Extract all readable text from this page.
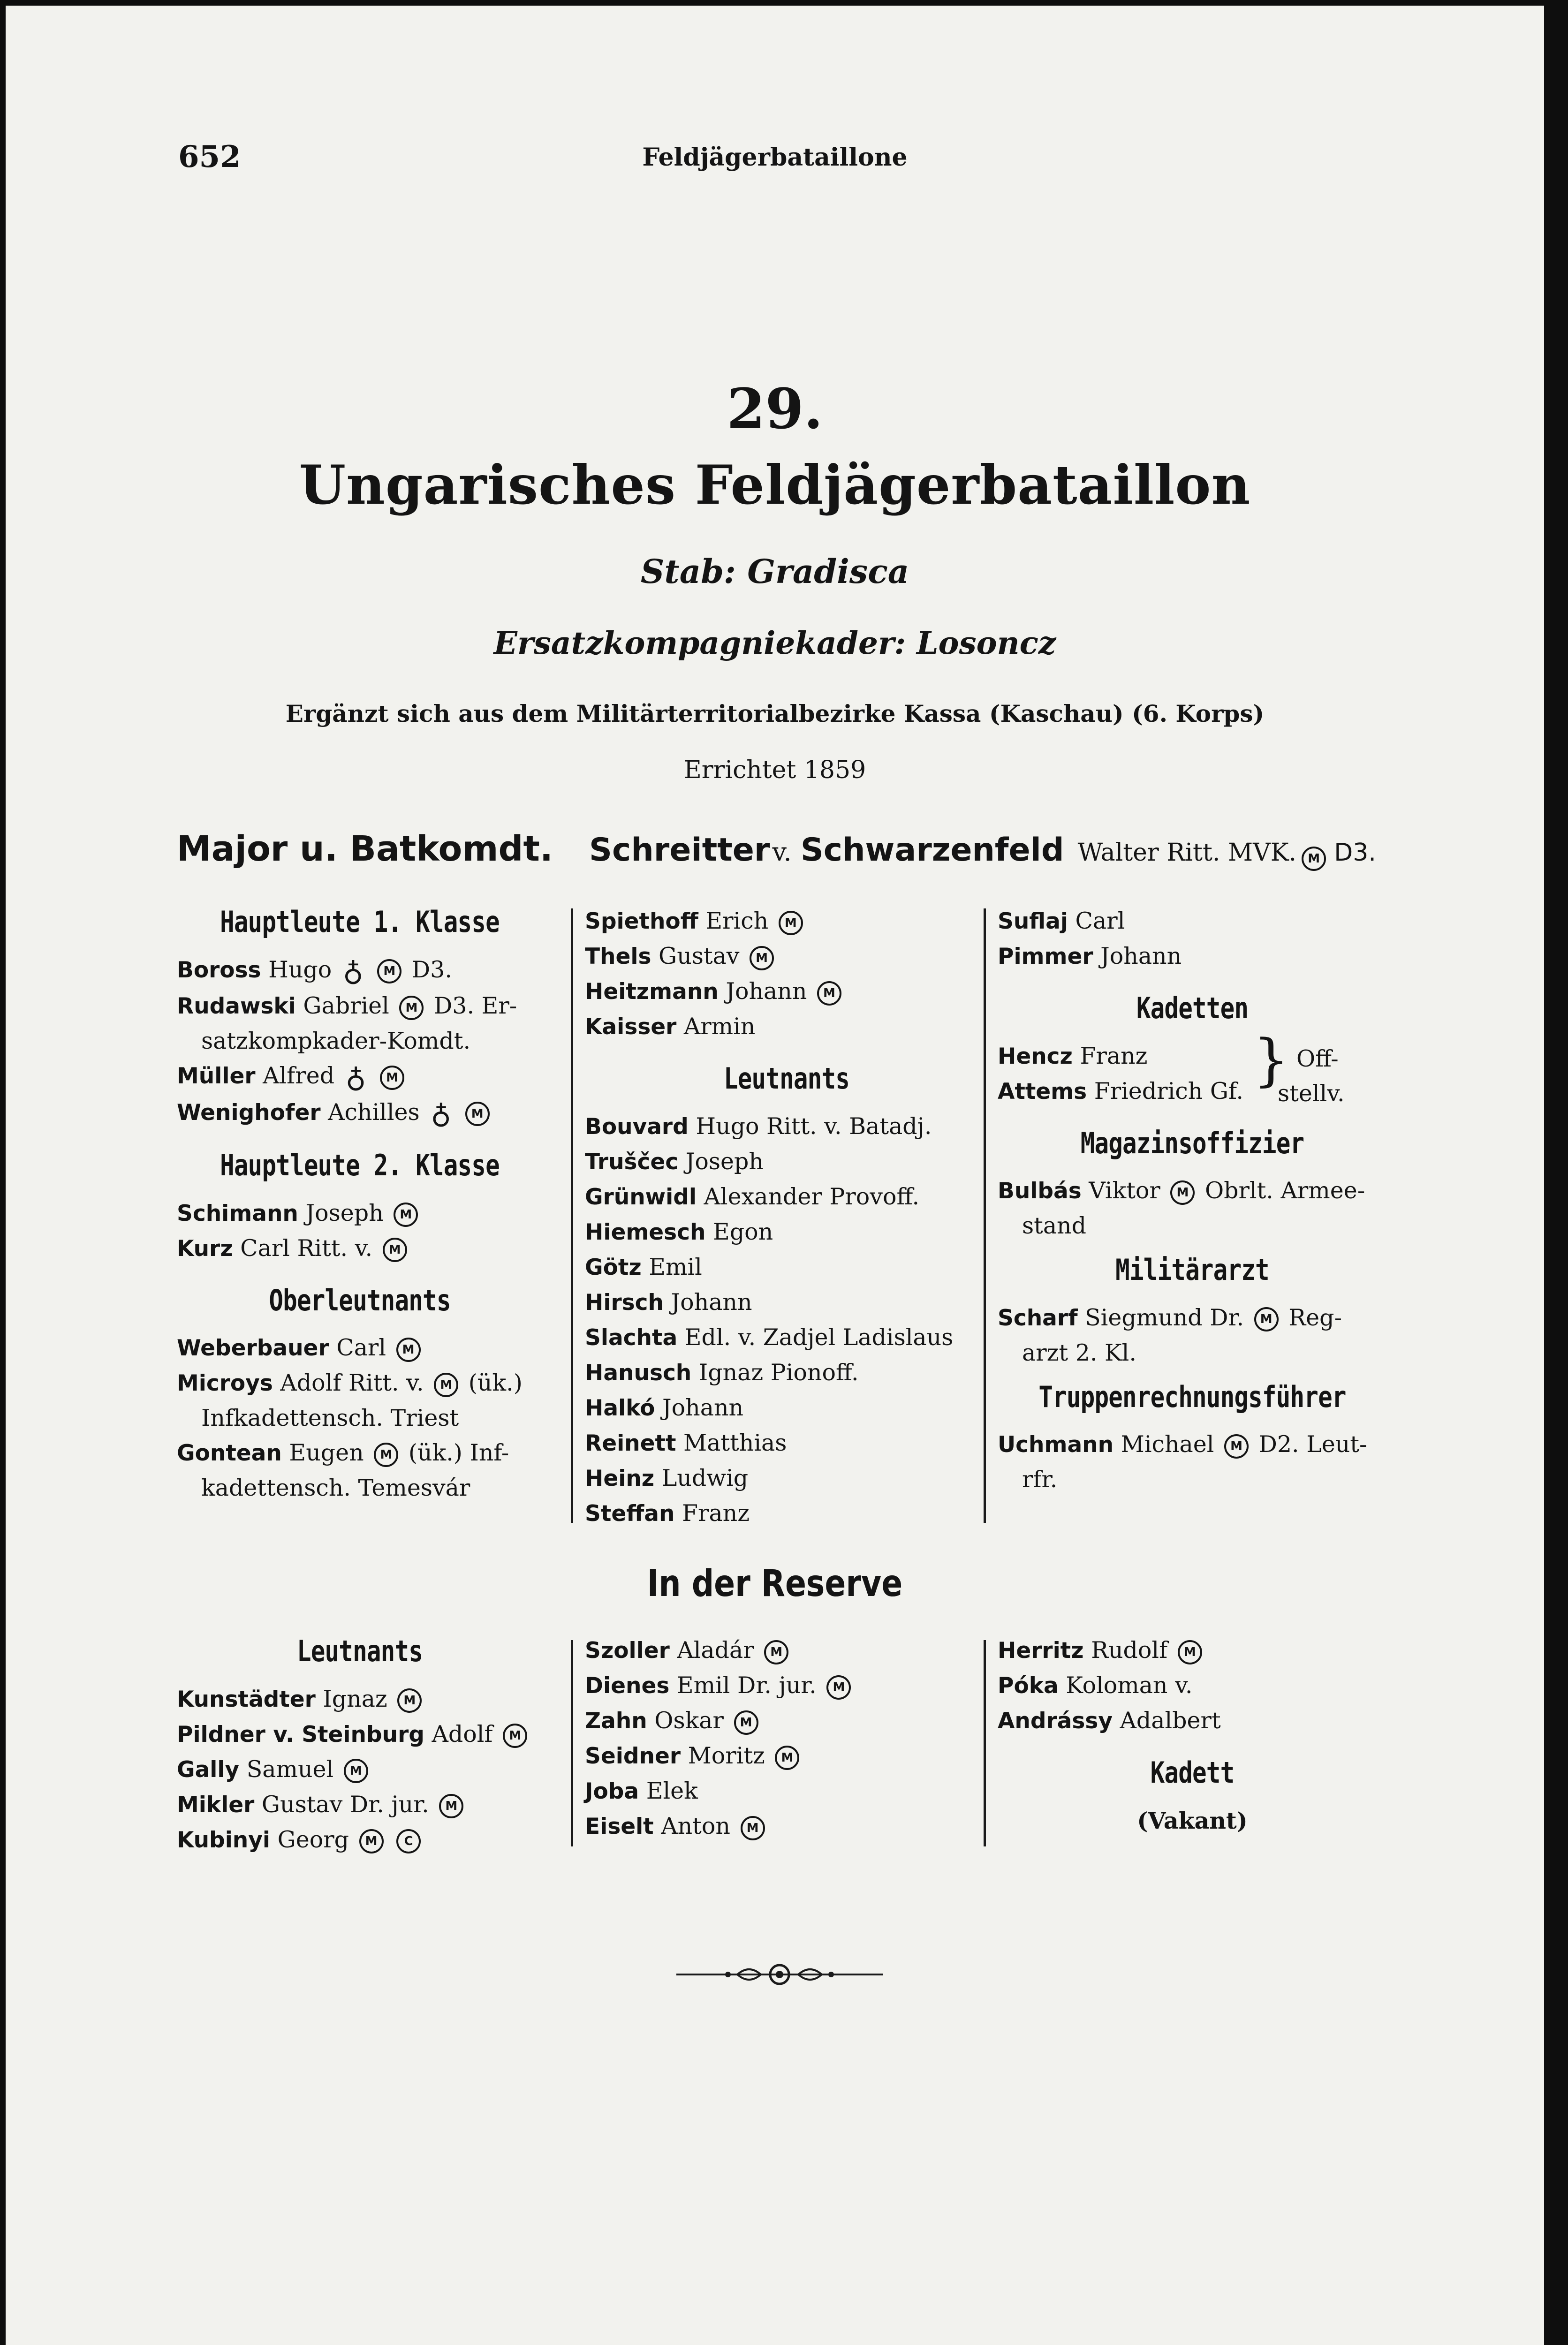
652	Feldjägerbataillone
29.
Ungarisches Feldjägerbataillon
Stab: Gradisca
Ersatzkompagniekader: Losoncz
Ergänzt sich aus dem Militärterritorialbezirke Kassa (Kaschau) (6. Korps)
Errichtet 1859
Major u. Batkomdt. Schreitter v. Schwarzenfeld Walter Ritt. MVK. M D3.
Hauptleute 1. Klasse
Boross Hugo ♁ M D3.
Rudawski Gabriel M D3. Er-
satzkompkader-Komdt.
Müller Alfred ♁ M
Wenighofer Achilles ♁ M
Hauptleute 2. Klasse
Schimann Joseph M
Kurz Carl Ritt. v. M
Oberleutnants
Weberbauer Carl M
Microys Adolf Ritt. v. M (ük.)
Infkadettensch. Triest
Gontean Eugen M (ük.) Inf-
kadettensch. Temesvár
Spiethoff Erich M
Thels Gustav M
Heitzmann Johann M
Kaisser Armin
Leutnants
Bouvard Hugo Ritt. v. Batadj.
Truščec Joseph
Grünwidl Alexander Provoff.
Hiemesch Egon
Götz Emil
Hirsch Johann
Slachta Edl. v. Zadjel Ladislaus
Hanusch Ignaz Pionoff.
Halkó Johann
Reinett Matthias
Heinz Ludwig
Steffan Franz
Suflaj Carl
Pimmer Johann
Kadetten
Hencz Franz
Attems Friedrich Gf. } Off-
stellv.
Magazinsoffizier
Bulbás Viktor M Obrlt. Armee-
stand
Militärarzt
Scharf Siegmund Dr. M Reg-
arzt 2. Kl.
Truppenrechnungsführer
Uchmann Michael M D2. Leut-
rfr.
In der Reserve
Leutnants
Kunstädter Ignaz M
Pildner v. Steinburg Adolf M
Gally Samuel M
Mikler Gustav Dr. jur. M
Kubinyi Georg M C
Szoller Aladár M
Dienes Emil Dr. jur. M
Zahn Oskar M
Seidner Moritz M
Joba Elek
Eiselt Anton M
Herritz Rudolf M
Póka Koloman v.
Andrássy Adalbert
Kadett
(Vakant)
